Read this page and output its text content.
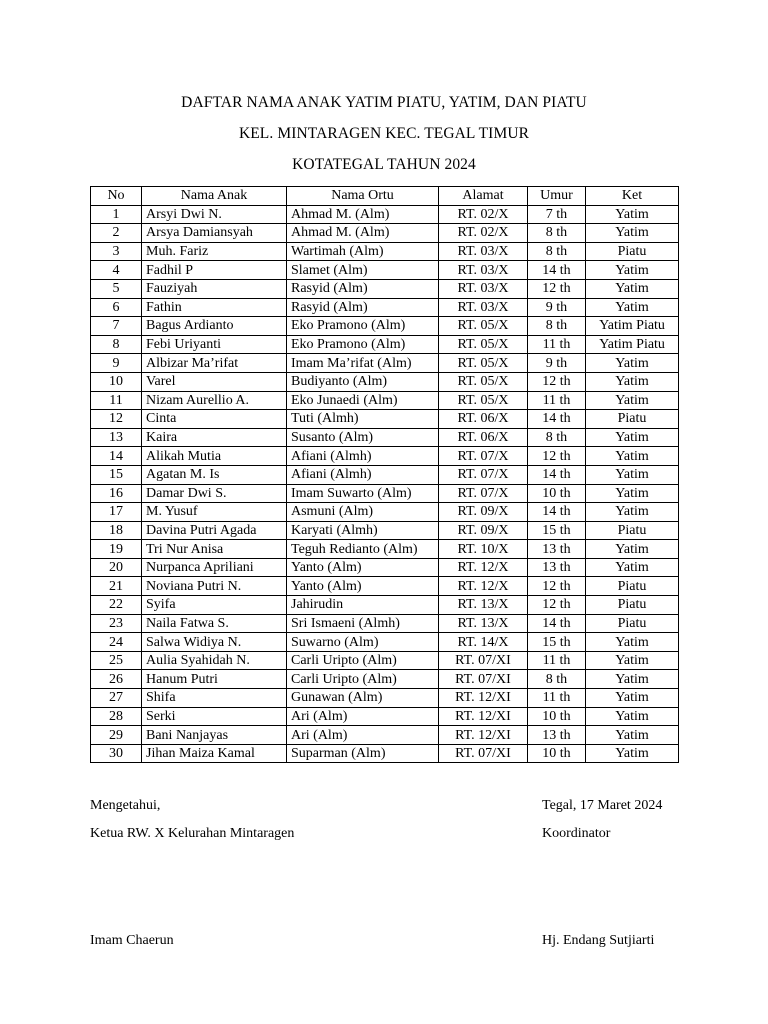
DAFTAR NAMA ANAK YATIM PIATU, YATIM, DAN PIATU
KEL. MINTARAGEN KEC. TEGAL TIMUR
KOTATEGAL TAHUN 2024
No	Nama Anak	Nama Ortu	Alamat	Umur	Ket
1	Arsyi Dwi N.	Ahmad M. (Alm)	RT. 02/X	7 th	Yatim
2	Arsya Damiansyah	Ahmad M. (Alm)	RT. 02/X	8 th	Yatim
3	Muh. Fariz	Wartimah (Alm)	RT. 03/X	8 th	Piatu
4	Fadhil P	Slamet (Alm)	RT. 03/X	14 th	Yatim
5	Fauziyah	Rasyid (Alm)	RT. 03/X	12 th	Yatim
6	Fathin	Rasyid (Alm)	RT. 03/X	9 th	Yatim
7	Bagus Ardianto	Eko Pramono (Alm)	RT. 05/X	8 th	Yatim Piatu
8	Febi Uriyanti	Eko Pramono (Alm)	RT. 05/X	11 th	Yatim Piatu
9	Albizar Ma’rifat	Imam Ma’rifat (Alm)	RT. 05/X	9 th	Yatim
10	Varel	Budiyanto (Alm)	RT. 05/X	12 th	Yatim
11	Nizam Aurellio A.	Eko Junaedi (Alm)	RT. 05/X	11 th	Yatim
12	Cinta	Tuti (Almh)	RT. 06/X	14 th	Piatu
13	Kaira	Susanto (Alm)	RT. 06/X	8 th	Yatim
14	Alikah Mutia	Afiani (Almh)	RT. 07/X	12 th	Yatim
15	Agatan M. Is	Afiani (Almh)	RT. 07/X	14 th	Yatim
16	Damar Dwi S.	Imam Suwarto (Alm)	RT. 07/X	10 th	Yatim
17	M. Yusuf	Asmuni (Alm)	RT. 09/X	14 th	Yatim
18	Davina Putri Agada	Karyati (Almh)	RT. 09/X	15 th	Piatu
19	Tri Nur Anisa	Teguh Redianto (Alm)	RT. 10/X	13 th	Yatim
20	Nurpanca Apriliani	Yanto (Alm)	RT. 12/X	13 th	Yatim
21	Noviana Putri N.	Yanto (Alm)	RT. 12/X	12 th	Piatu
22	Syifa	Jahirudin	RT. 13/X	12 th	Piatu
23	Naila Fatwa S.	Sri Ismaeni (Almh)	RT. 13/X	14 th	Piatu
24	Salwa Widiya N.	Suwarno (Alm)	RT. 14/X	15 th	Yatim
25	Aulia Syahidah N.	Carli Uripto (Alm)	RT. 07/XI	11 th	Yatim
26	Hanum Putri	Carli Uripto (Alm)	RT. 07/XI	8 th	Yatim
27	Shifa	Gunawan (Alm)	RT. 12/XI	11 th	Yatim
28	Serki	Ari (Alm)	RT. 12/XI	10 th	Yatim
29	Bani Nanjayas	Ari (Alm)	RT. 12/XI	13 th	Yatim
30	Jihan Maiza Kamal	Suparman (Alm)	RT. 07/XI	10 th	Yatim
Mengetahui,
Ketua RW. X Kelurahan Mintaragen
Imam Chaerun
Tegal, 17 Maret 2024
Koordinator
Hj. Endang Sutjiarti
